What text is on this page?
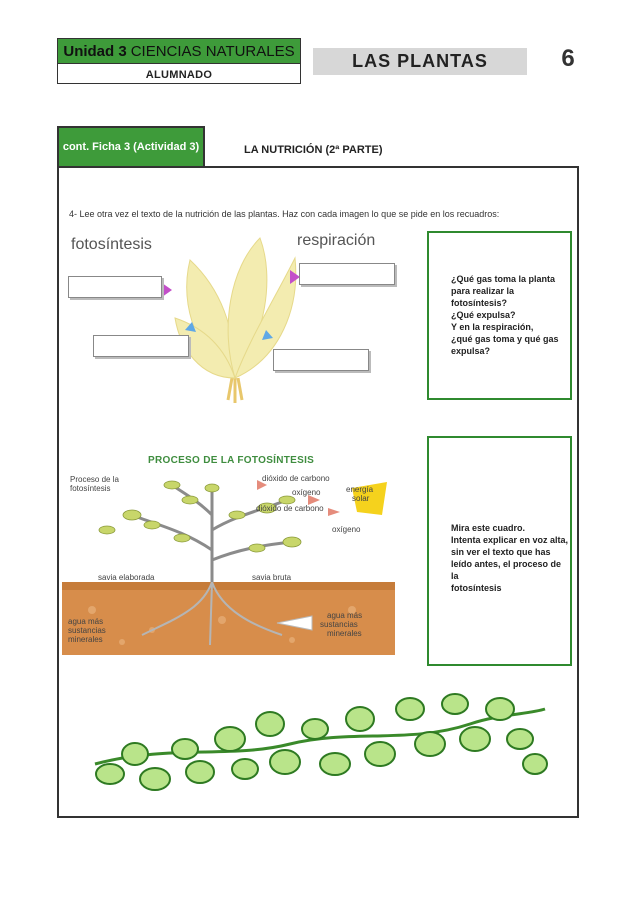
Unidad 3 CIENCIAS NATURALES
ALUMNADO
LAS PLANTAS	6
cont. Ficha 3 (Actividad 3)	LA NUTRICIÓN (2ª PARTE)
4- Lee otra vez el texto de la nutrición de las plantas. Haz con cada imagen lo que se pide en los recuadros:
fotosíntesis	respiración
¿Qué gas toma la planta
para realizar la
fotosíntesis?
¿Qué expulsa?
Y en la respiración,
¿qué gas toma y qué gas
expulsa?
Mira este cuadro.
Intenta explicar en voz alta,
sin ver el texto que has
leído antes, el proceso de la
fotosíntesis
PROCESO DE LA FOTOSÍNTESIS
Proceso de la
fotosíntesis
dióxido de carbono
oxígeno	energía
solar
dióxido de carbono
oxígeno
savia elaborada	savia bruta
agua más
sustancias
minerales
agua más
sustancias
minerales
